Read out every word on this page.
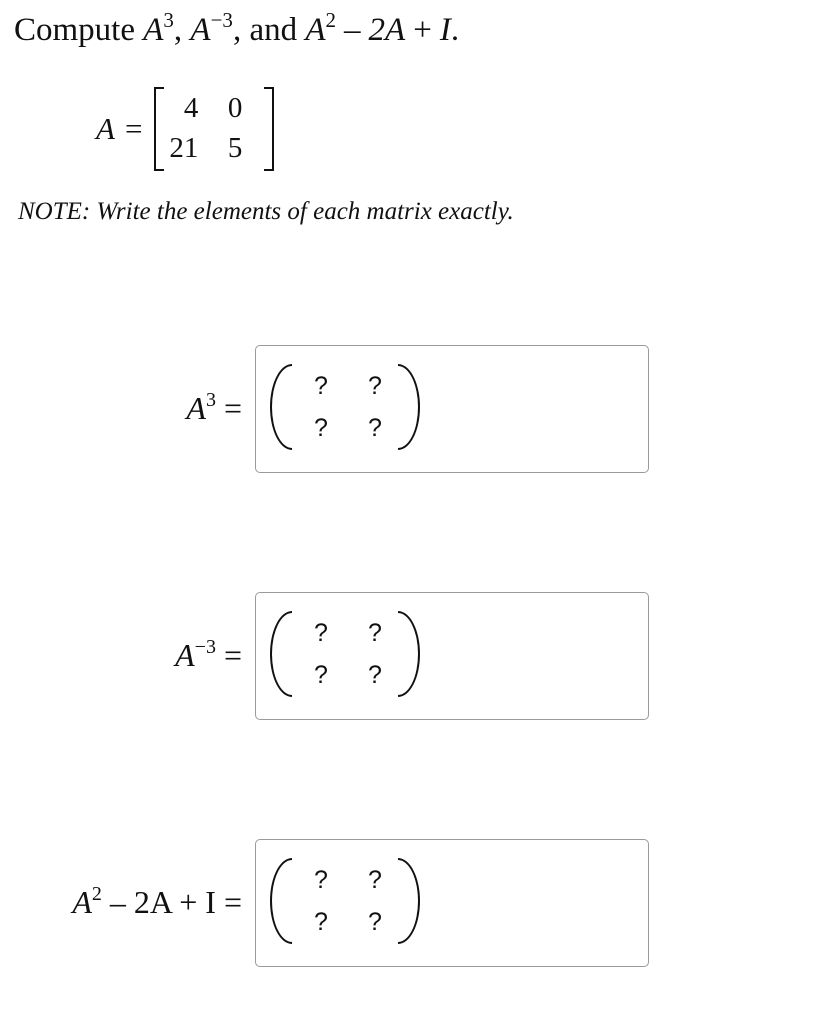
Compute $A^3$, $A^{-3}$, and $A^2 - 2A + I$.
A =
4	0
21	5
NOTE: Write the elements of each matrix exactly.
$A^3$ =
? ?
? ?
$A^{-3}$ =
? ?
? ?
$A^2 - 2A + I$ =
? ?
? ?
